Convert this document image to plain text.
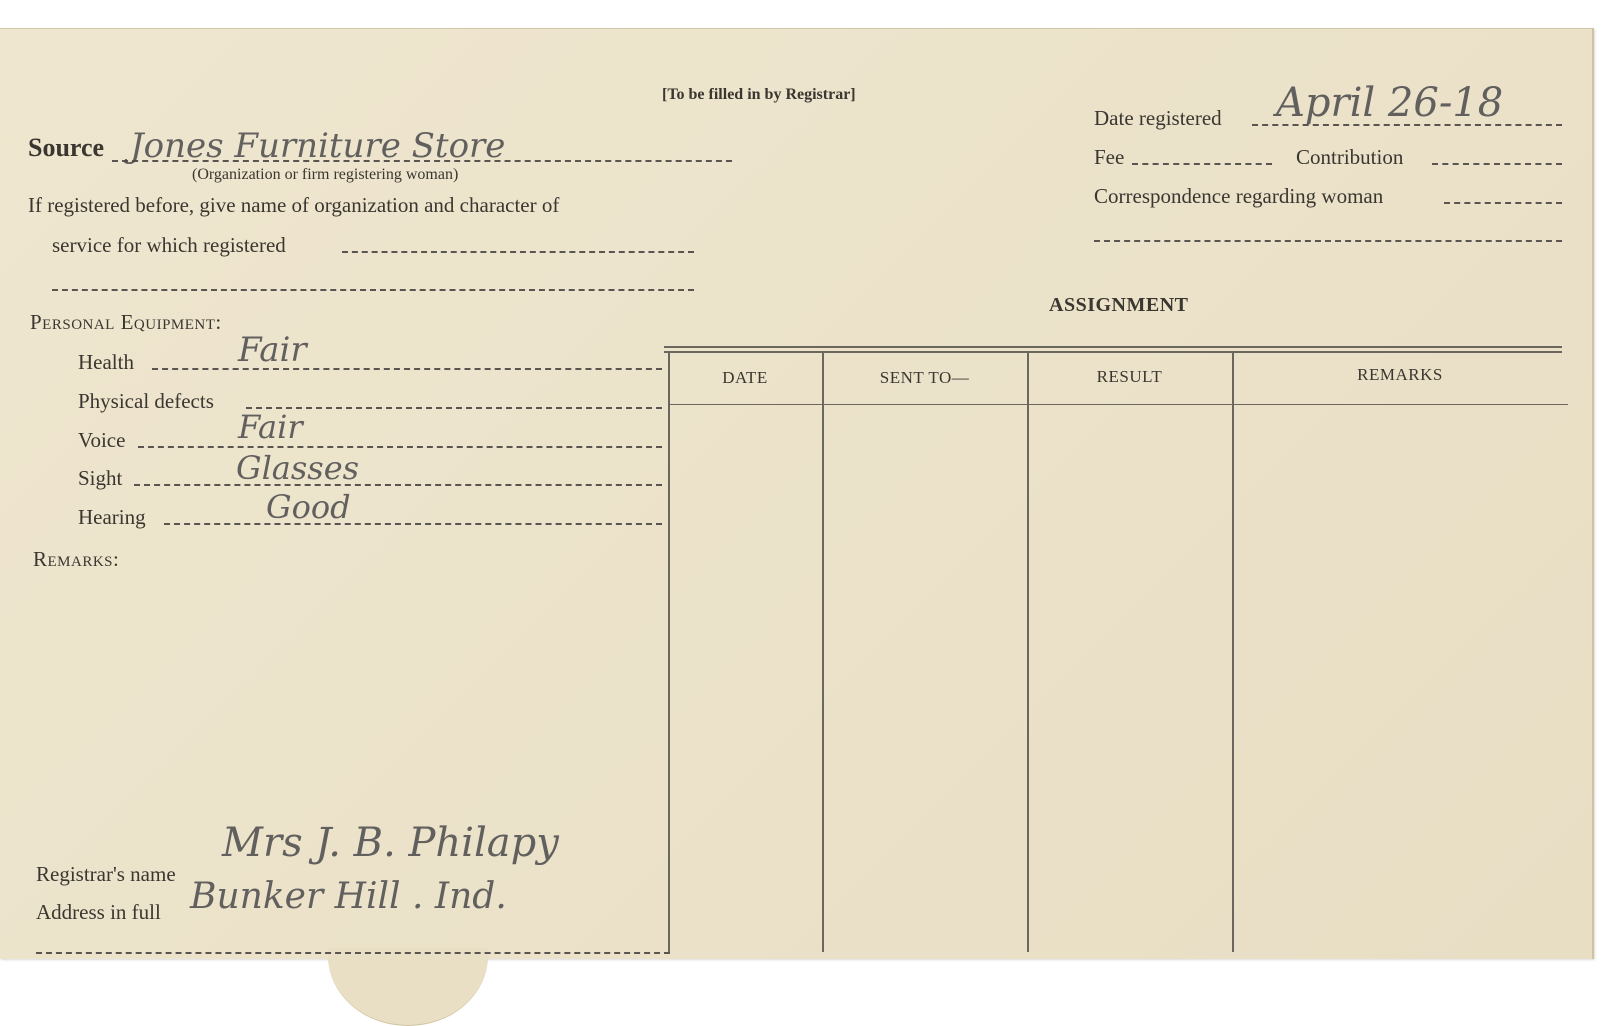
[To be filled in by Registrar]
Source Jones Furniture Store
(Organization or firm registering woman)
If registered before, give name of organization and character of
service for which registered
Personal Equipment:
Health	Fair
Physical defects
Voice	Fair
Sight	Glasses
Hearing	Good
Remarks:
Registrar's name
Mrs J. B. Philapy
Address in full Bunker Hill . Ind.
Date registered April 26-18
Fee	Contribution
Correspondence regarding woman
ASSIGNMENT
DATE	SENT TO—	RESULT	REMARKS
